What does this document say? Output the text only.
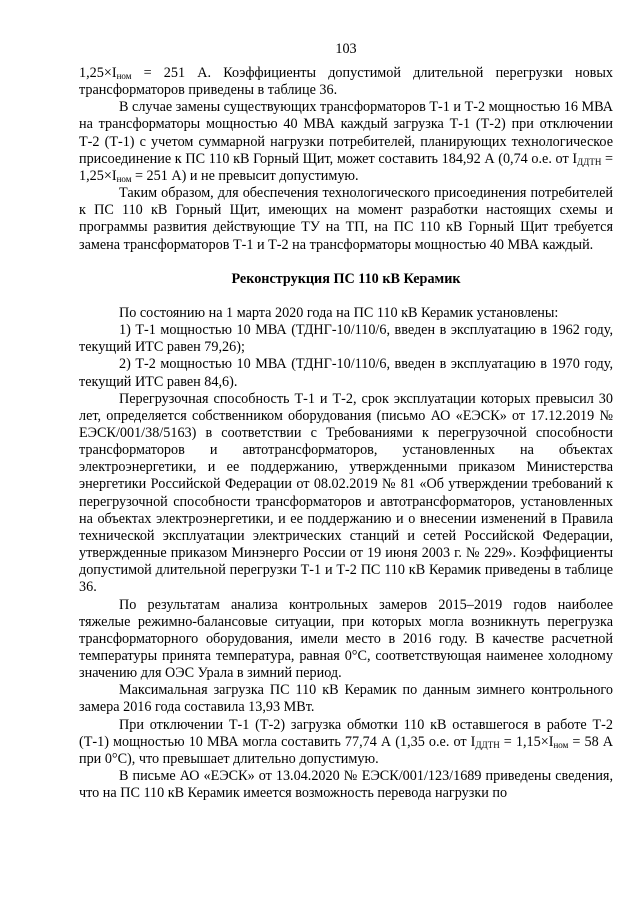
103

$1,25\times I_{ном} = 251$ А. Коэффициенты допустимой длительной перегрузки новых трансформаторов приведены в таблице 36.

В случае замены существующих трансформаторов Т-1 и Т-2 мощностью 16 МВА на трансформаторы мощностью 40 МВА каждый загрузка Т-1 (Т-2) при отключении Т-2 (Т-1) с учетом суммарной нагрузки потребителей, планирующих технологическое присоединение к ПС 110 кВ Горный Щит, может составить 184,92 А (0,74 о.е. от $I_{ДДТН} = 1,25\times I_{ном} = 251$ А) и не превысит допустимую.

Таким образом, для обеспечения технологического присоединения потребителей к ПС 110 кВ Горный Щит, имеющих на момент разработки настоящих схемы и программы развития действующие ТУ на ТП, на ПС 110 кВ Горный Щит требуется замена трансформаторов Т-1 и Т-2 на трансформаторы мощностью 40 МВА каждый.

Реконструкция ПС 110 кВ Керамик

По состоянию на 1 марта 2020 года на ПС 110 кВ Керамик установлены:

1) Т-1 мощностью 10 МВА (ТДНГ-10/110/6, введен в эксплуатацию в 1962 году, текущий ИТС равен 79,26);

2) Т-2 мощностью 10 МВА (ТДНГ-10/110/6, введен в эксплуатацию в 1970 году, текущий ИТС равен 84,6).

Перегрузочная способность Т-1 и Т-2, срок эксплуатации которых превысил 30 лет, определяется собственником оборудования (письмо АО «ЕЭСК» от 17.12.2019 № ЕЭСК/001/38/5163) в соответствии с Требованиями к перегрузочной способности трансформаторов и автотрансформаторов, установленных на объектах электроэнергетики, и ее поддержанию, утвержденными приказом Министерства энергетики Российской Федерации от 08.02.2019 № 81 «Об утверждении требований к перегрузочной способности трансформаторов и автотрансформаторов, установленных на объектах электроэнергетики, и ее поддержанию и о внесении изменений в Правила технической эксплуатации электрических станций и сетей Российской Федерации, утвержденные приказом Минэнерго России от 19 июня 2003 г. № 229». Коэффициенты допустимой длительной перегрузки Т-1 и Т-2 ПС 110 кВ Керамик приведены в таблице 36.

По результатам анализа контрольных замеров 2015–2019 годов наиболее тяжелые режимно-балансовые ситуации, при которых могла возникнуть перегрузка трансформаторного оборудования, имели место в 2016 году. В качестве расчетной температуры принята температура, равная 0°С, соответствующая наименее холодному значению для ОЭС Урала в зимний период.

Максимальная загрузка ПС 110 кВ Керамик по данным зимнего контрольного замера 2016 года составила 13,93 МВт.

При отключении Т-1 (Т-2) загрузка обмотки 110 кВ оставшегося в работе Т-2 (Т-1) мощностью 10 МВА могла составить 77,74 А (1,35 о.е. от $I_{ДДТН} = 1,15\times I_{ном} = 58$ А при 0°С), что превышает длительно допустимую.

В письме АО «ЕЭСК» от 13.04.2020 № ЕЭСК/001/123/1689 приведены сведения, что на ПС 110 кВ Керамик имеется возможность перевода нагрузки по
